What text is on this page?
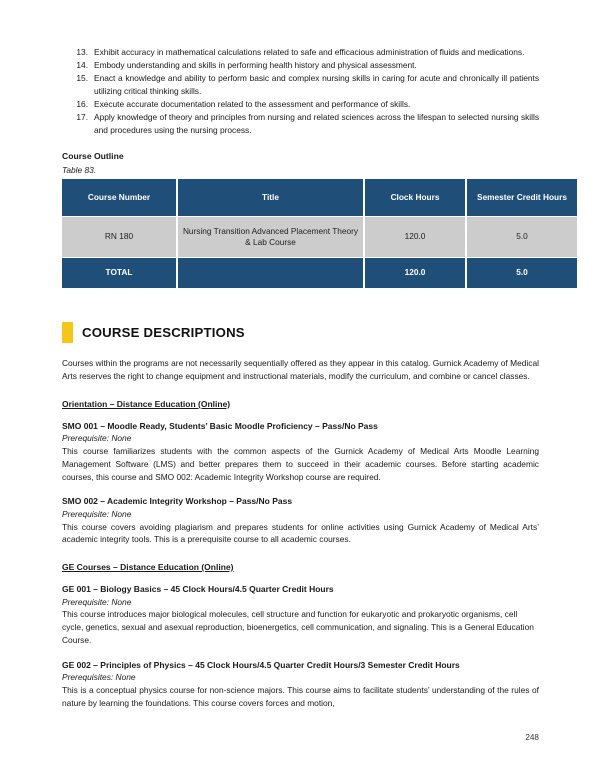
Exhibit accuracy in mathematical calculations related to safe and efficacious administration of fluids and medications.
Embody understanding and skills in performing health history and physical assessment.
Enact a knowledge and ability to perform basic and complex nursing skills in caring for acute and chronically ill patients utilizing critical thinking skills.
Execute accurate documentation related to the assessment and performance of skills.
Apply knowledge of theory and principles from nursing and related sciences across the lifespan to selected nursing skills and procedures using the nursing process.
Course Outline
Table 83.
Course Number	Title	Clock Hours	Semester Credit Hours
RN 180	Nursing Transition Advanced Placement Theory & Lab Course	120.0	5.0
TOTAL		120.0	5.0
COURSE DESCRIPTIONS

Courses within the programs are not necessarily sequentially offered as they appear in this catalog. Gurnick Academy of Medical Arts reserves the right to change equipment and instructional materials, modify the curriculum, and combine or cancel classes.

Orientation – Distance Education (Online)
SMO 001 – Moodle Ready, Students’ Basic Moodle Proficiency – Pass/No Pass
Prerequisite: None

This course familiarizes students with the common aspects of the Gurnick Academy of Medical Arts Moodle Learning Management Software (LMS) and better prepares them to succeed in their academic courses. Before starting academic courses, this course and SMO 002: Academic Integrity Workshop course are required.

SMO 002 – Academic Integrity Workshop – Pass/No Pass
Prerequisite: None

This course covers avoiding plagiarism and prepares students for online activities using Gurnick Academy of Medical Arts’ academic integrity tools. This is a prerequisite course to all academic courses.

GE Courses – Distance Education (Online)
GE 001 – Biology Basics – 45 Clock Hours/4.5 Quarter Credit Hours
Prerequisite: None

This course introduces major biological molecules, cell structure and function for eukaryotic and prokaryotic organisms, cell cycle, genetics, sexual and asexual reproduction, bioenergetics, cell communication, and signaling. This is a General Education Course.

GE 002 – Principles of Physics – 45 Clock Hours/4.5 Quarter Credit Hours/3 Semester Credit Hours
Prerequisites: None

This is a conceptual physics course for non-science majors. This course aims to facilitate students’ understanding of the rules of nature by learning the foundations. This course covers forces and motion,

248
